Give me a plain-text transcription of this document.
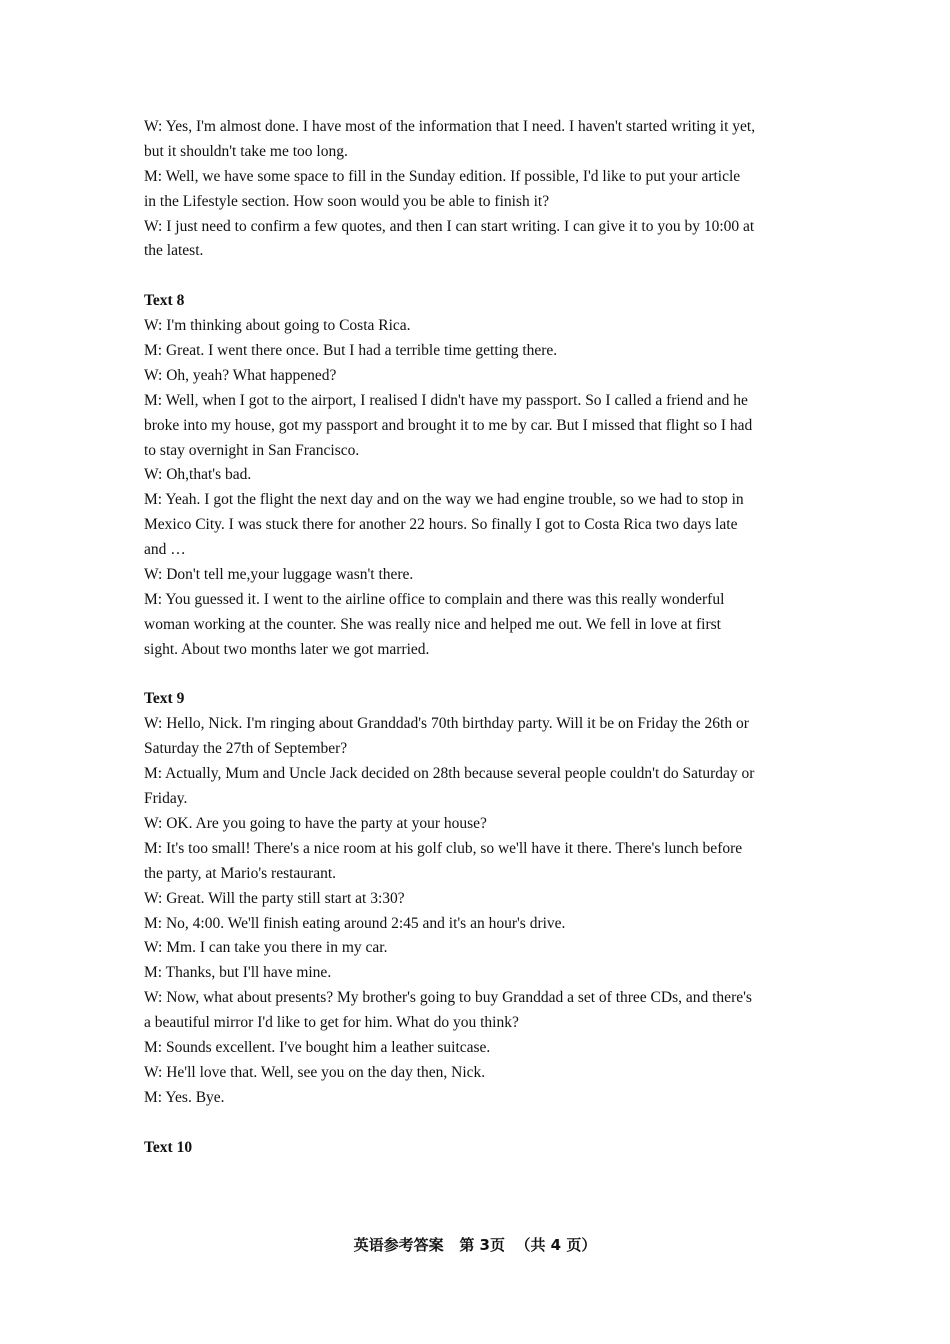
W: Yes, I'm almost done. I have most of the information that I need. I haven't started writing it yet,
but it shouldn't take me too long.
M: Well, we have some space to fill in the Sunday edition. If possible, I'd like to put your article
in the Lifestyle section. How soon would you be able to finish it?
W: I just need to confirm a few quotes, and then I can start writing. I can give it to you by 10:00 at
the latest.
Text 8
W: I'm thinking about going to Costa Rica.
M: Great. I went there once. But I had a terrible time getting there.
W: Oh, yeah? What happened?
M: Well, when I got to the airport, I realised I didn't have my passport. So I called a friend and he
broke into my house, got my passport and brought it to me by car. But I missed that flight so I had
to stay overnight in San Francisco.
W: Oh,that's bad.
M: Yeah. I got the flight the next day and on the way we had engine trouble, so we had to stop in
Mexico City. I was stuck there for another 22 hours. So finally I got to Costa Rica two days late
and …
W: Don't tell me,your luggage wasn't there.
M: You guessed it. I went to the airline office to complain and there was this really wonderful
woman working at the counter. She was really nice and helped me out. We fell in love at first
sight. About two months later we got married.
Text 9
W: Hello, Nick. I'm ringing about Granddad's 70th birthday party. Will it be on Friday the 26th or
Saturday the 27th of September?
M: Actually, Mum and Uncle Jack decided on 28th because several people couldn't do Saturday or
Friday.
W: OK. Are you going to have the party at your house?
M: It's too small! There's a nice room at his golf club, so we'll have it there. There's lunch before
the party, at Mario's restaurant.
W: Great. Will the party still start at 3:30?
M: No, 4:00. We'll finish eating around 2:45 and it's an hour's drive.
W: Mm. I can take you there in my car.
M: Thanks, but I'll have mine.
W: Now, what about presents? My brother's going to buy Granddad a set of three CDs, and there's
a beautiful mirror I'd like to get for him. What do you think?
M: Sounds excellent. I've bought him a leather suitcase.
W: He'll love that. Well, see you on the day then, Nick.
M: Yes. Bye.
Text 10
英语参考答案   第 3页  （共 4 页）
